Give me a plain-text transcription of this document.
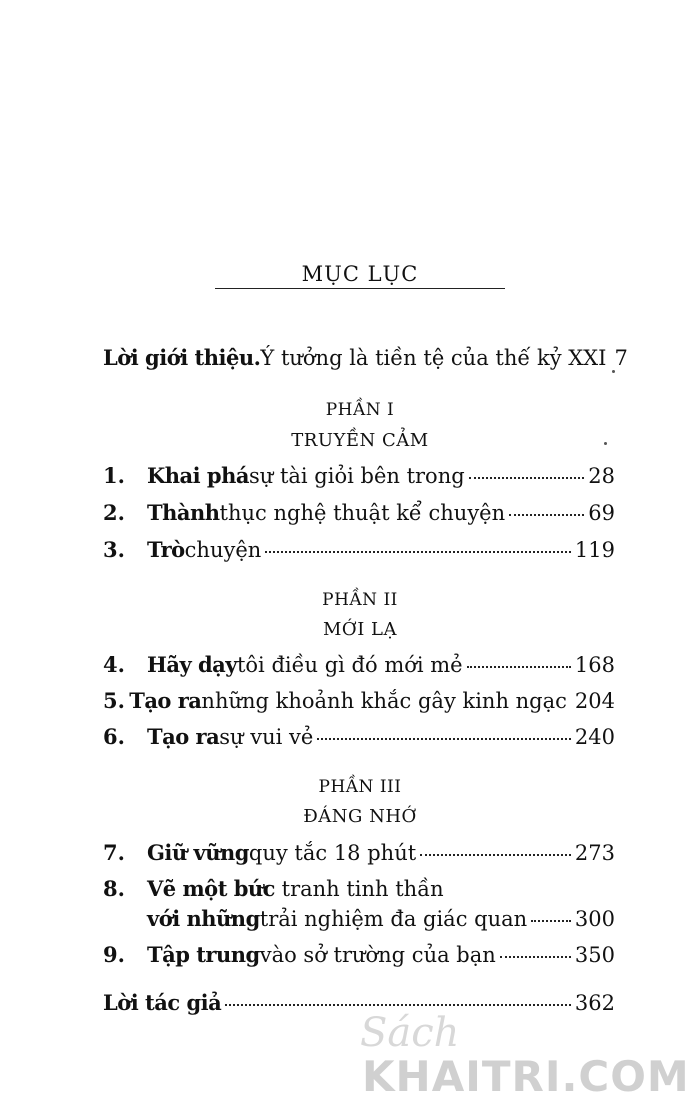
MỤC LỤC
Lời giới thiệu. Ý tưởng là tiền tệ của thế kỷ XXI 7
PHẦN I
TRUYỀN CẢM
1.	Khai phá sự tài giỏi bên trong	28
2.	Thành thục nghệ thuật kể chuyện	69
3.	Trò chuyện	119
PHẦN II
MỚI LẠ
4.	Hãy dạy tôi điều gì đó mới mẻ	168
5. Tạo ra những khoảnh khắc gây kinh ngạc 204
6.	Tạo ra sự vui vẻ	240
PHẦN III
ĐÁNG NHỚ
7.	Giữ vững quy tắc 18 phút	273
8. Vẽ một bức tranh tinh thần
với những trải nghiệm đa giác quan 300
9.	Tập trung vào sở trường của bạn	350
Lời tác giả	362
Sách
KHAITRI.COM
